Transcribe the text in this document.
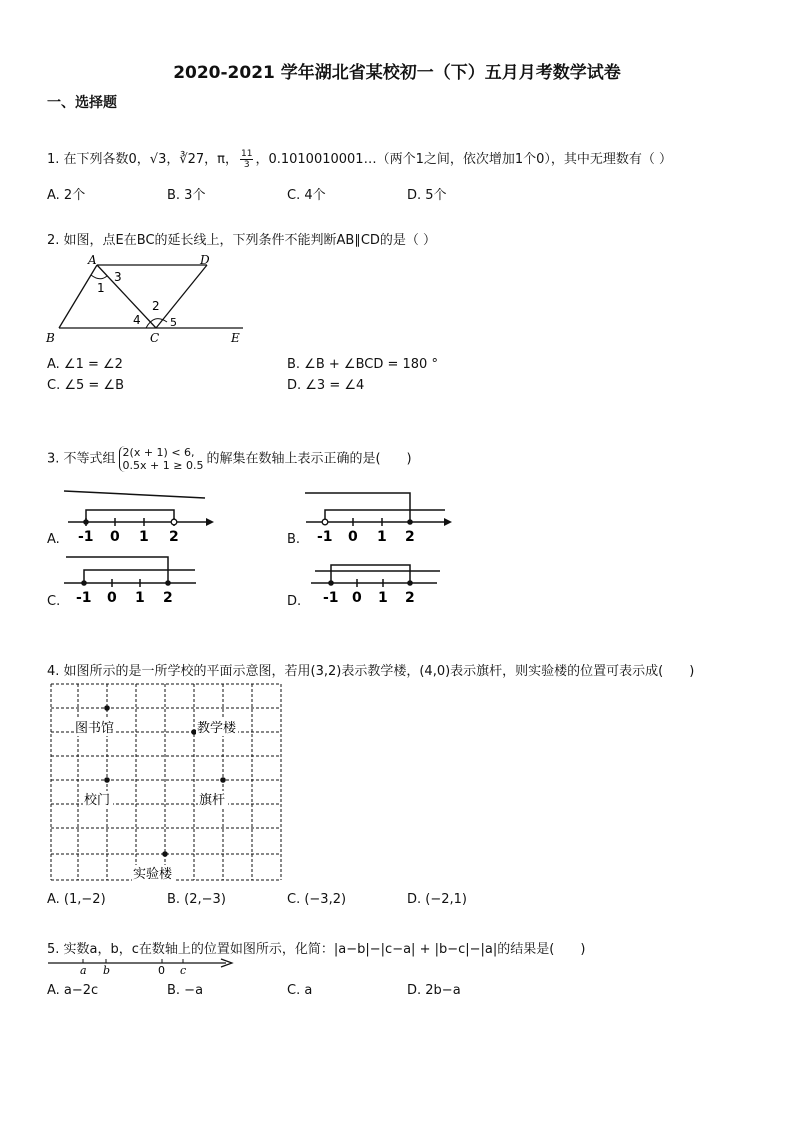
2020-2021 学年湖北省某校初一（下）五月月考数学试卷
一、选择题
1. 在下列各数0，√3，∛27，π， $\frac{11}{3}$ ，0.1010010001…（两个1之间，依次增加1个0），其中无理数有（ ）
A. 2个	B. 3个	C. 4个	D. 5个
2. 如图，点E在BC的延长线上，下列条件不能判断AB∥CD的是（ ）
A	D
B	C	E
1
2
3
4	5
A. ∠1 = ∠2	B. ∠B + ∠BCD = 180 °
C. ∠5 = ∠B	D. ∠3 = ∠4
3. 不等式组 2(x + 1) < 6,
0.5x + 1 ≥ 0.5 的解集在数轴上表示正确的是(　　)
A. -1 0 1 2	B. -1 0 1 2
C. -1 0 1 2	D. -1 0 1 2
4. 如图所示的是一所学校的平面示意图，若用(3,2)表示教学楼，(4,0)表示旗杆，则实验楼的位置可表示成(　　)
图书馆	教学楼
校门	旗杆
实验楼
A. (1,−2)	B. (2,−3)	C. (−3,2)	D. (−2,1)
5. 实数a，b，c在数轴上的位置如图所示，化简：|a−b|−|c−a| + |b−c|−|a|的结果是(　　)
a b	0 c
A. a−2c	B. −a	C. a	D. 2b−a
